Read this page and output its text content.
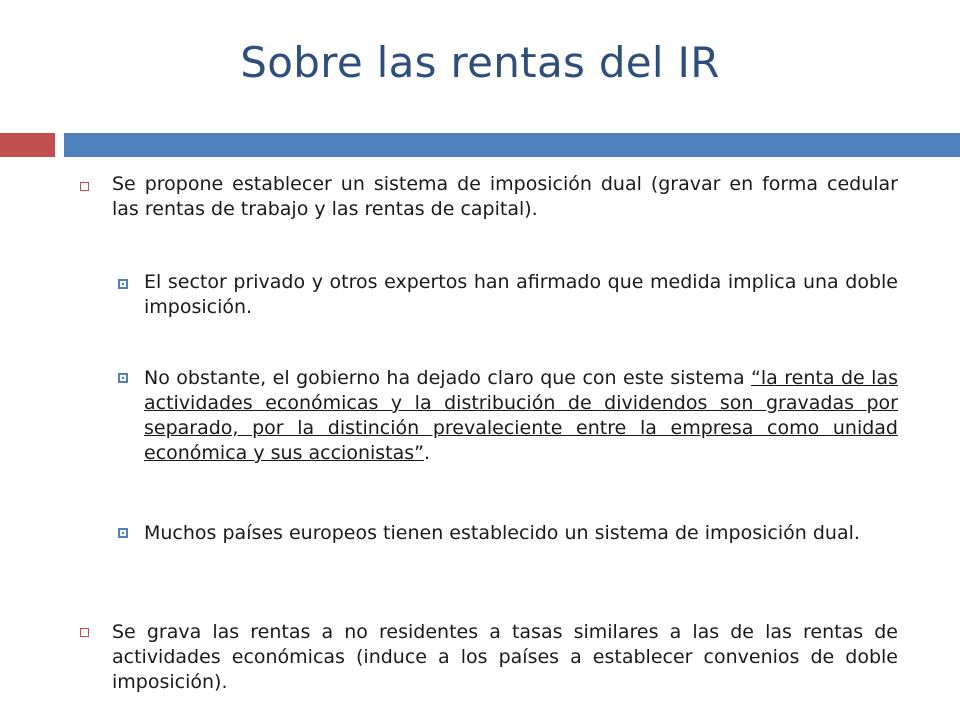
Sobre las rentas del IR
Se propone establecer un sistema de imposición dual (gravar en forma cedular las rentas de trabajo y las rentas de capital).
El sector privado y otros expertos han afirmado que medida implica una doble imposición.
No obstante, el gobierno ha dejado claro que con este sistema “la renta de las actividades económicas y la distribución de dividendos son gravadas por separado, por la distinción prevaleciente entre la empresa como unidad económica y sus accionistas”.
Muchos países europeos tienen establecido un sistema de imposición dual.
Se grava las rentas a no residentes a tasas similares a las de las rentas de actividades económicas (induce a los países a establecer convenios de doble imposición).
